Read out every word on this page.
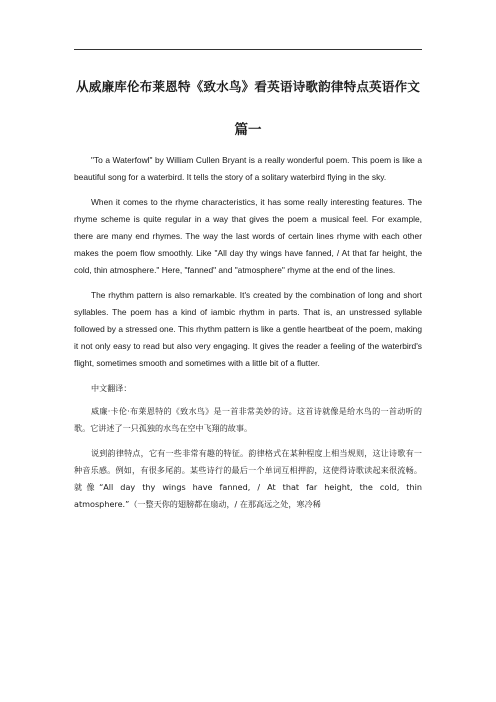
从威廉库伦布莱恩特《致水鸟》看英语诗歌韵律特点英语作文
篇一

"To a Waterfowl" by William Cullen Bryant is a really wonderful poem. This poem is like a beautiful song for a waterbird. It tells the story of a solitary waterbird flying in the sky.

When it comes to the rhyme characteristics, it has some really interesting features. The rhyme scheme is quite regular in a way that gives the poem a musical feel. For example, there are many end rhymes. The way the last words of certain lines rhyme with each other makes the poem flow smoothly. Like "All day thy wings have fanned, / At that far height, the cold, thin atmosphere." Here, "fanned" and "atmosphere" rhyme at the end of the lines.

The rhythm pattern is also remarkable. It's created by the combination of long and short syllables. The poem has a kind of iambic rhythm in parts. That is, an unstressed syllable followed by a stressed one. This rhythm pattern is like a gentle heartbeat of the poem, making it not only easy to read but also very engaging. It gives the reader a feeling of the waterbird's flight, sometimes smooth and sometimes with a little bit of a flutter.

中文翻译：

威廉·卡伦·布莱恩特的《致水鸟》是一首非常美妙的诗。这首诗就像是给水鸟的一首动听的歌。它讲述了一只孤独的水鸟在空中飞翔的故事。

说到韵律特点，它有一些非常有趣的特征。韵律格式在某种程度上相当规则，这让诗歌有一种音乐感。例如，有很多尾韵。某些诗行的最后一个单词互相押韵，这使得诗歌读起来很流畅。就像“All day thy wings have fanned, / At that far height, the cold, thin atmosphere.”（一整天你的翅膀都在扇动，/ 在那高远之处，寒冷稀
